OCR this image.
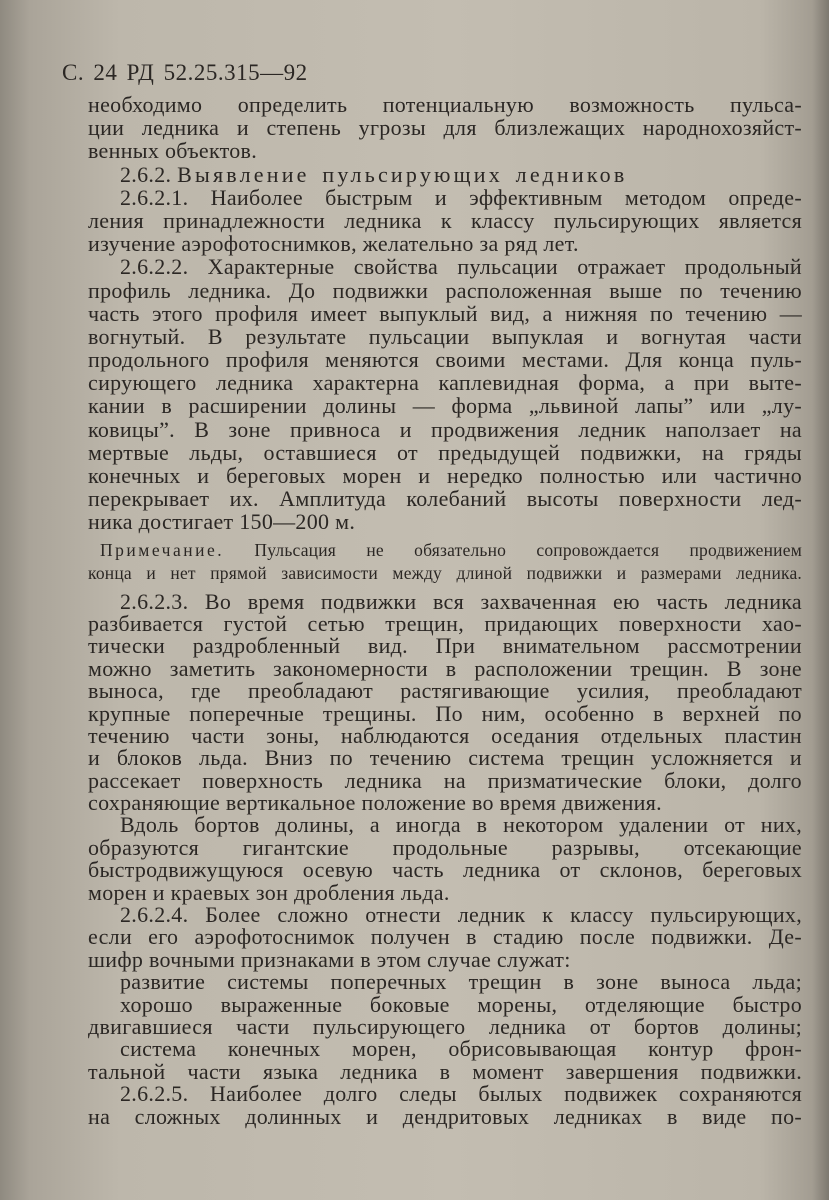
С. 24 РД 52.25.315—92
необходимо определить потенциальную возможность пульса-
ции ледника и степень угрозы для близлежащих народнохозяйст-
венных объектов.
2.6.2. Выявление пульсирующих ледников
2.6.2.1. Наиболее быстрым и эффективным методом опреде-
ления принадлежности ледника к классу пульсирующих является
изучение аэрофотоснимков, желательно за ряд лет.
2.6.2.2. Характерные свойства пульсации отражает продольный
профиль ледника. До подвижки расположенная выше по течению
часть этого профиля имеет выпуклый вид, а нижняя по течению —
вогнутый. В результате пульсации выпуклая и вогнутая части
продольного профиля меняются своими местами. Для конца пуль-
сирующего ледника характерна каплевидная форма, а при выте-
кании в расширении долины — форма „львиной лапы” или „лу-
ковицы”. В зоне привноса и продвижения ледник наползает на
мертвые льды, оставшиеся от предыдущей подвижки, на гряды
конечных и береговых морен и нередко полностью или частично
перекрывает их. Амплитуда колебаний высоты поверхности лед-
ника достигает 150—200 м.
Примечание. Пульсация не обязательно сопровождается продвижением
конца и нет прямой зависимости между длиной подвижки и размерами ледника.
2.6.2.3. Во время подвижки вся захваченная ею часть ледника
разбивается густой сетью трещин, придающих поверхности хао-
тически раздробленный вид. При внимательном рассмотрении
можно заметить закономерности в расположении трещин. В зоне
выноса, где преобладают растягивающие усилия, преобладают
крупные поперечные трещины. По ним, особенно в верхней по
течению части зоны, наблюдаются оседания отдельных пластин
и блоков льда. Вниз по течению система трещин усложняется и
рассекает поверхность ледника на призматические блоки, долго
сохраняющие вертикальное положение во время движения.
Вдоль бортов долины, а иногда в некотором удалении от них,
образуются гигантские продольные разрывы, отсекающие
быстродвижущуюся осевую часть ледника от склонов, береговых
морен и краевых зон дробления льда.
2.6.2.4. Более сложно отнести ледник к классу пульсирующих,
если его аэрофотоснимок получен в стадию после подвижки. Де-
шифр вочными признаками в этом случае служат:
развитие системы поперечных трещин в зоне выноса льда;
хорошо выраженные боковые морены, отделяющие быстро
двигавшиеся части пульсирующего ледника от бортов долины;
система конечных морен, обрисовывающая контур фрон-
тальной части языка ледника в момент завершения подвижки.
2.6.2.5. Наиболее долго следы былых подвижек сохраняются
на сложных долинных и дендритовых ледниках в виде по-
